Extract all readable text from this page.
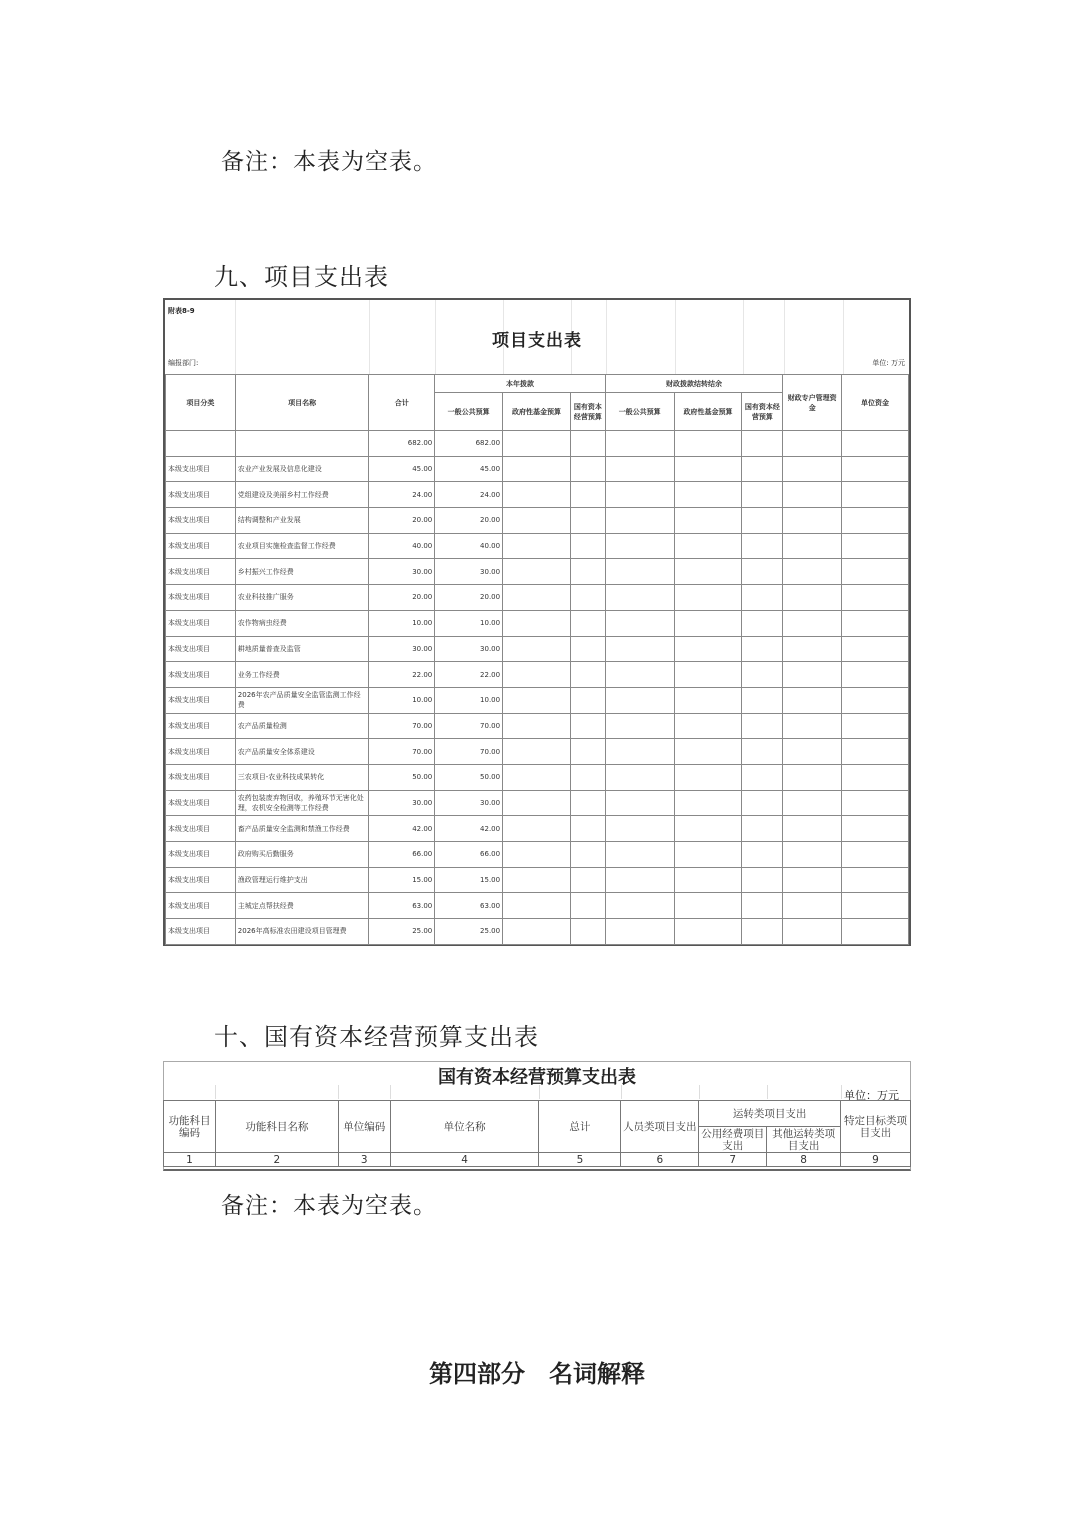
备注：本表为空表。
九、项目支出表
附表8-9
项目支出表
编报部门:	单位: 万元
项目分类	项目名称	合计	本年拨款			财政拨款结转结余			财政专户管理资金	单位资金
			一般公共预算	政府性基金预算	国有资本经营预算	一般公共预算	政府性基金预算	国有资本经营预算		
		682.00	682.00							
本级支出项目	农业产业发展及信息化建设	45.00	45.00							
本级支出项目	党组建设及美丽乡村工作经费	24.00	24.00							
本级支出项目	结构调整和产业发展	20.00	20.00							
本级支出项目	农业项目实施检查监督工作经费	40.00	40.00							
本级支出项目	乡村振兴工作经费	30.00	30.00							
本级支出项目	农业科技推广服务	20.00	20.00							
本级支出项目	农作物病虫经费	10.00	10.00							
本级支出项目	耕地质量普查及监管	30.00	30.00							
本级支出项目	业务工作经费	22.00	22.00							
本级支出项目	2026年农产品质量安全监管监测工作经费	10.00	10.00							
本级支出项目	农产品质量检测	70.00	70.00							
本级支出项目	农产品质量安全体系建设	70.00	70.00							
本级支出项目	三农项目-农业科技成果转化	50.00	50.00							
本级支出项目	农药包装废弃物回收，养殖环节无害化处理，农机安全检测等工作经费	30.00	30.00							
本级支出项目	畜产品质量安全监测和禁渔工作经费	42.00	42.00							
本级支出项目	政府购买后勤服务	66.00	66.00							
本级支出项目	渔政管理运行维护支出	15.00	15.00							
本级支出项目	主城定点帮扶经费	63.00	63.00							
本级支出项目	2026年高标准农田建设项目管理费	25.00	25.00							
十、国有资本经营预算支出表
国有资本经营预算支出表
单位：万元
功能科目编码	功能科目名称	单位编码	单位名称	总计	人员类项目支出	运转类项目支出		特定目标类项目支出
						公用经费项目支出	其他运转类项目支出	
1	2	3	4	5	6	7	8	9
备注：本表为空表。
第四部分　名词解释
